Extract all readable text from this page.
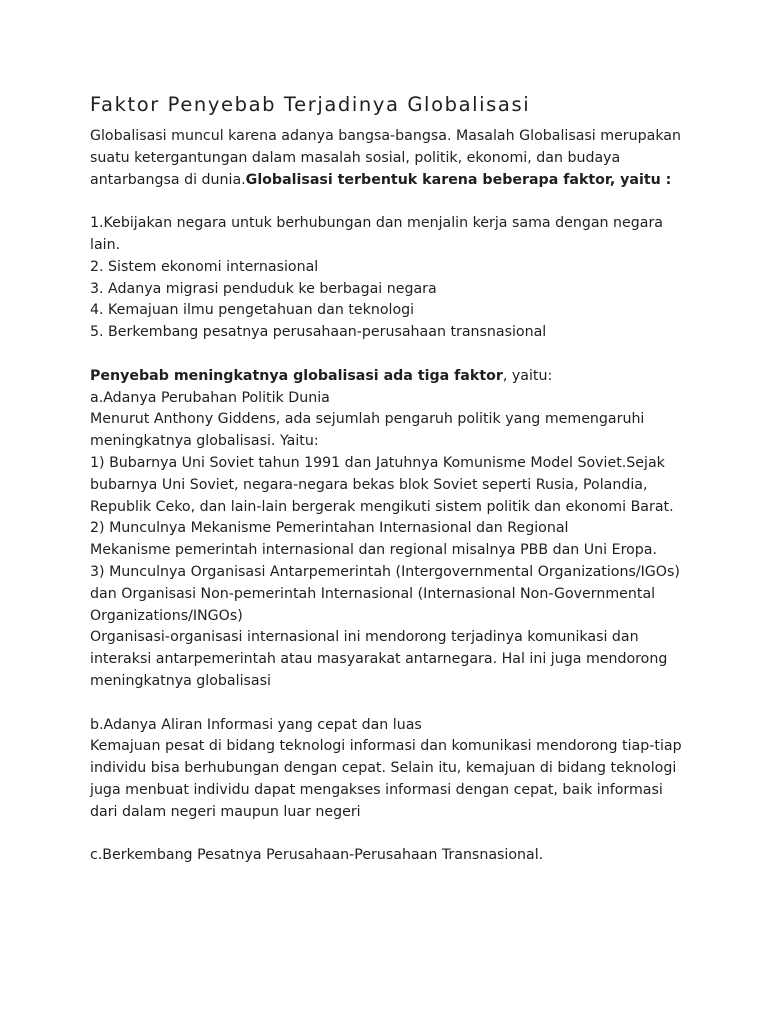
Faktor Penyebab Terjadinya Globalisasi

Globalisasi muncul karena adanya bangsa-bangsa. Masalah Globalisasi merupakan suatu ketergantungan dalam masalah sosial, politik, ekonomi, dan budaya antarbangsa di dunia.Globalisasi terbentuk karena beberapa faktor, yaitu :

1.Kebijakan negara untuk berhubungan dan menjalin kerja sama dengan negara lain.

2. Sistem ekonomi internasional

3. Adanya migrasi penduduk ke berbagai negara

4. Kemajuan ilmu pengetahuan dan teknologi

5. Berkembang pesatnya perusahaan-perusahaan transnasional

Penyebab meningkatnya globalisasi ada tiga faktor, yaitu:

a.Adanya Perubahan Politik Dunia

Menurut Anthony Giddens, ada sejumlah pengaruh politik yang memengaruhi meningkatnya globalisasi. Yaitu:

1) Bubarnya Uni Soviet tahun 1991 dan Jatuhnya Komunisme Model Soviet.Sejak bubarnya Uni Soviet, negara-negara bekas blok Soviet seperti Rusia, Polandia, Republik Ceko, dan lain-lain bergerak mengikuti sistem politik dan ekonomi Barat.

2) Munculnya Mekanisme Pemerintahan Internasional dan Regional

Mekanisme pemerintah internasional dan regional misalnya PBB dan Uni Eropa.

3) Munculnya Organisasi Antarpemerintah (Intergovernmental Organizations/IGOs) dan Organisasi Non-pemerintah Internasional (Internasional Non-Governmental Organizations/INGOs)

Organisasi-organisasi internasional ini mendorong terjadinya komunikasi dan interaksi antarpemerintah atau masyarakat antarnegara. Hal ini juga mendorong meningkatnya globalisasi

b.Adanya Aliran Informasi yang cepat dan luas

Kemajuan pesat di bidang teknologi informasi dan komunikasi mendorong tiap-tiap individu bisa berhubungan dengan cepat. Selain itu, kemajuan di bidang teknologi juga menbuat individu dapat mengakses informasi dengan cepat, baik informasi dari dalam negeri maupun luar negeri

c.Berkembang Pesatnya Perusahaan-Perusahaan Transnasional.
